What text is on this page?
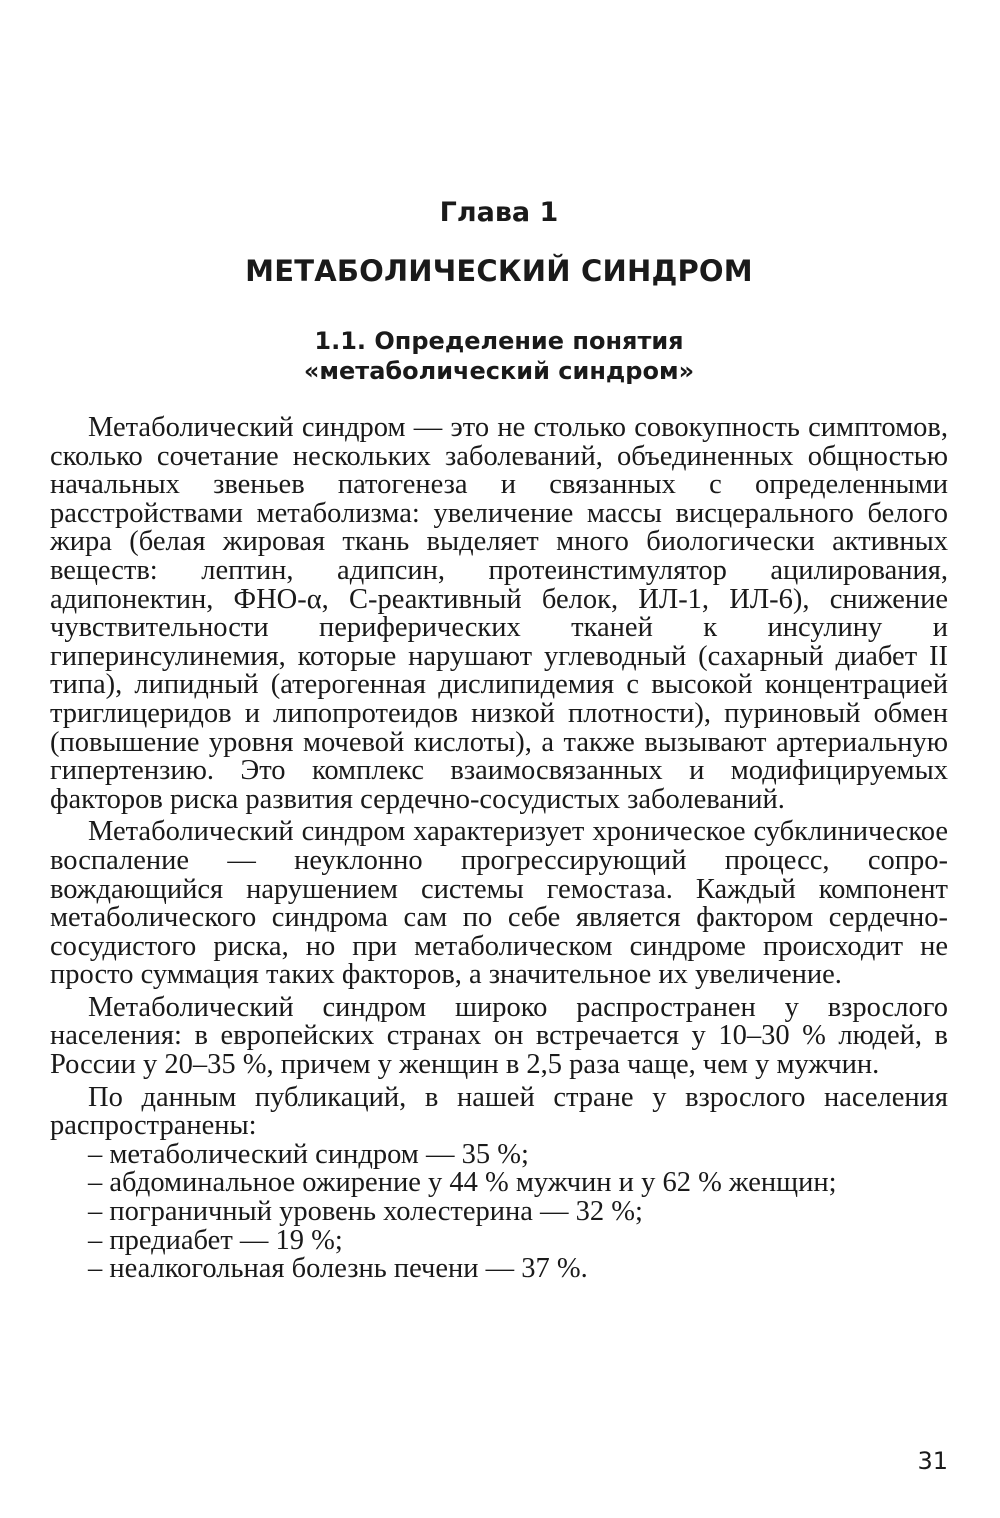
Глава 1
МЕТАБОЛИЧЕСКИЙ СИНДРОМ
1.1. Определение понятия
«метаболический синдром»

Метаболический синдром — это не столько совокупность симптомов, сколько сочетание нескольких заболеваний, объединенных общностью начальных звеньев патогенеза и связанных с определенными расстройствами метаболизма: увеличение массы висцерального белого жира (белая жировая ткань выделяет много биологически активных веществ: лептин, адипсин, протеинстимулятор ацилирования, адипонектин, ФНО-α, С-реактивный белок, ИЛ-1, ИЛ-6), снижение чувствительности периферических тканей к инсулину и гиперинсулинемия, которые нарушают углеводный (сахарный диабет II типа), липидный (атерогенная дислипидемия с высокой концентрацией триглицеридов и липопротеидов низкой плотности), пуриновый обмен (повышение уровня мочевой кислоты), а также вызывают артериальную гипертензию. Это комплекс взаимосвязанных и модифицируемых факторов риска развития сердечно-сосудистых заболеваний.

Метаболический синдром характеризует хроническое субклиническое воспаление — неуклонно прогрессирующий процесс, сопровождающийся нарушением системы гемостаза. Каждый компонент метаболического синдрома сам по себе является фактором сердечно-сосудистого риска, но при метаболическом синдроме происходит не просто суммация таких факторов, а значительное их увеличение.

Метаболический синдром широко распространен у взрослого населения: в европейских странах он встречается у 10–30 % людей, в России у 20–35 %, причем у женщин в 2,5 раза чаще, чем у мужчин.

По данным публикаций, в нашей стране у взрослого населения распространены:

– метаболический синдром — 35 %;
– абдоминальное ожирение у 44 % мужчин и у 62 % женщин;
– пограничный уровень холестерина — 32 %;
– предиабет — 19 %;
– неалкогольная болезнь печени — 37 %.
31
